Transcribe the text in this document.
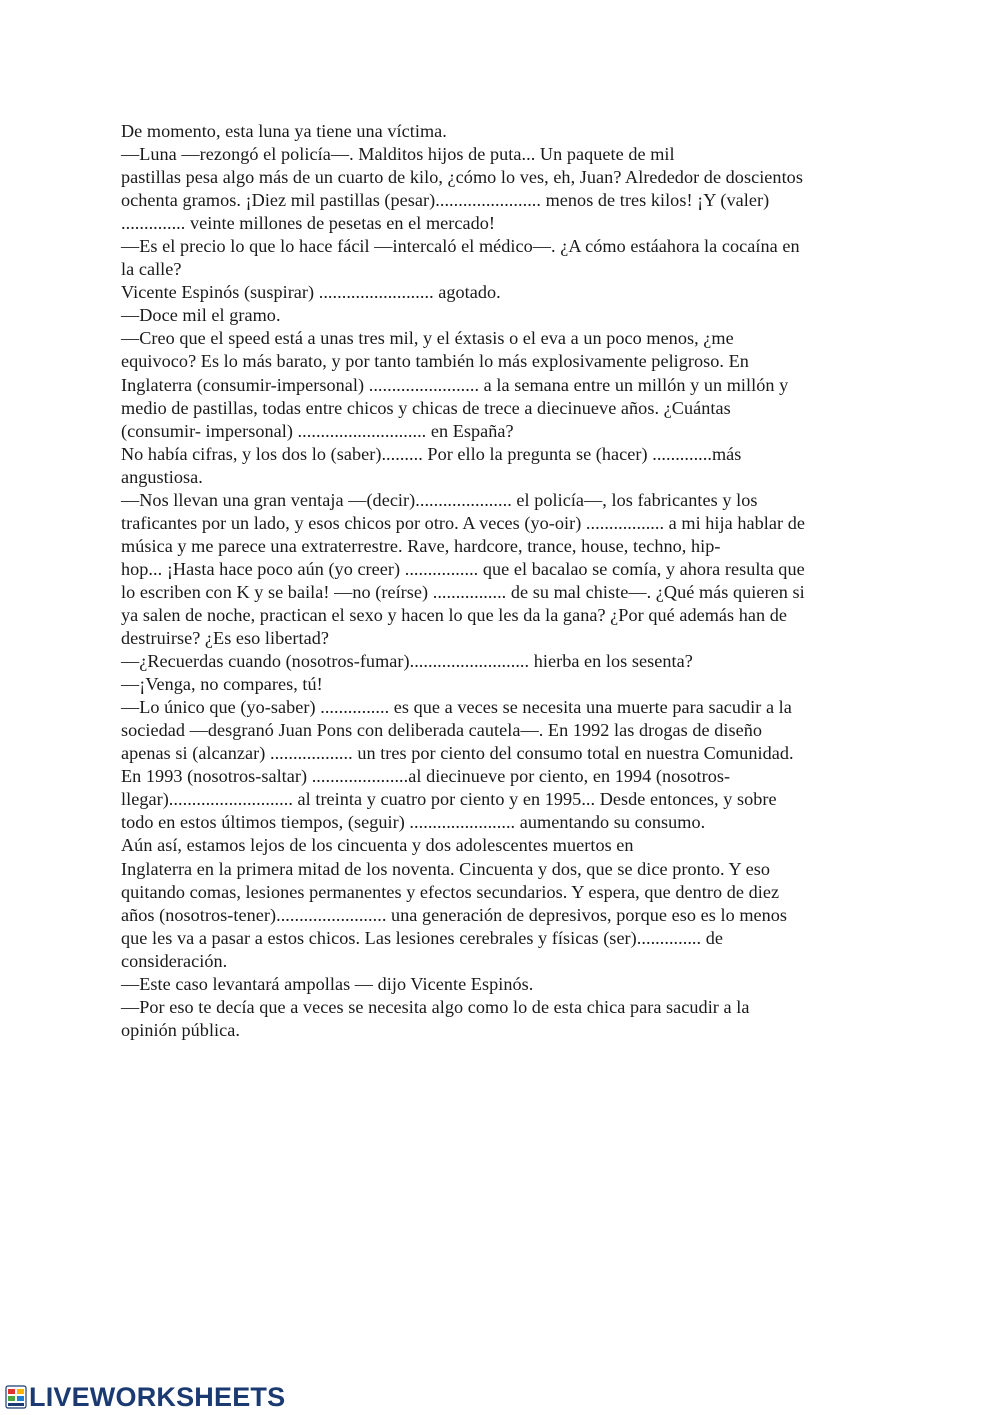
De momento, esta luna ya tiene una víctima.
—Luna —rezongó el policía—. Malditos hijos de puta... Un paquete de mil
pastillas pesa algo más de un cuarto de kilo, ¿cómo lo ves, eh, Juan? Alrededor de doscientos
ochenta gramos. ¡Diez mil pastillas (pesar)....................... menos de tres kilos! ¡Y (valer)
.............. veinte millones de pesetas en el mercado!
—Es el precio lo que lo hace fácil —intercaló el médico—. ¿A cómo estáahora la cocaína en
la calle?
Vicente Espinós (suspirar) ......................... agotado.
—Doce mil el gramo.
—Creo que el speed está a unas tres mil, y el éxtasis o el eva a un poco menos, ¿me
equivoco? Es lo más barato, y por tanto también lo más explosivamente peligroso. En
Inglaterra (consumir-impersonal) ........................ a la semana entre un millón y un millón y
medio de pastillas, todas entre chicos y chicas de trece a diecinueve años. ¿Cuántas
(consumir- impersonal) ............................ en España?
No había cifras, y los dos lo (saber)......... Por ello la pregunta se (hacer) .............más
angustiosa.
—Nos llevan una gran ventaja —(decir)..................... el policía—, los fabricantes y los
traficantes por un lado, y esos chicos por otro. A veces (yo-oir) ................. a mi hija hablar de
música y me parece una extraterrestre. Rave, hardcore, trance, house, techno, hip-
hop... ¡Hasta hace poco aún (yo creer) ................ que el bacalao se comía, y ahora resulta que
lo escriben con K y se baila! —no (reírse) ................ de su mal chiste—. ¿Qué más quieren si
ya salen de noche, practican el sexo y hacen lo que les da la gana? ¿Por qué además han de
destruirse? ¿Es eso libertad?
—¿Recuerdas cuando (nosotros-fumar).......................... hierba en los sesenta?
—¡Venga, no compares, tú!
—Lo único que (yo-saber) ............... es que a veces se necesita una muerte para sacudir a la
sociedad —desgranó Juan Pons con deliberada cautela—. En 1992 las drogas de diseño
apenas si (alcanzar) .................. un tres por ciento del consumo total en nuestra Comunidad.
En 1993 (nosotros-saltar) .....................al diecinueve por ciento, en 1994 (nosotros-
llegar)........................... al treinta y cuatro por ciento y en 1995... Desde entonces, y sobre
todo en estos últimos tiempos, (seguir) ....................... aumentando su consumo.
Aún así, estamos lejos de los cincuenta y dos adolescentes muertos en
Inglaterra en la primera mitad de los noventa. Cincuenta y dos, que se dice pronto. Y eso
quitando comas, lesiones permanentes y efectos secundarios. Y espera, que dentro de diez
años (nosotros-tener)........................ una generación de depresivos, porque eso es lo menos
que les va a pasar a estos chicos. Las lesiones cerebrales y físicas (ser).............. de
consideración.
—Este caso levantará ampollas — dijo Vicente Espinós.
—Por eso te decía que a veces se necesita algo como lo de esta chica para sacudir a la
opinión pública.
LIVEWORKSHEETS
